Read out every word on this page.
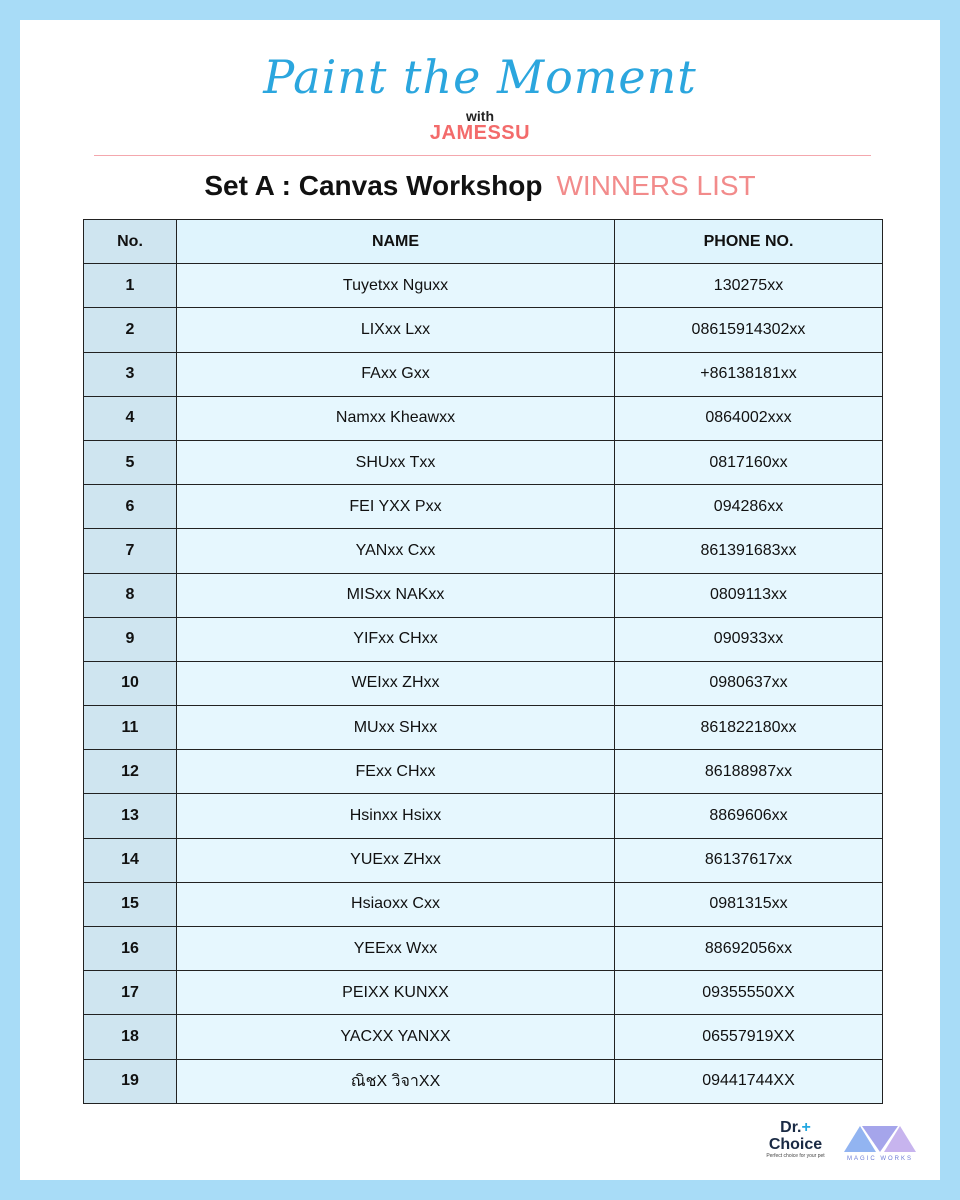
Paint the Moment
with
JAMESSU
Set A : Canvas Workshop WINNERS LIST
No.	NAME	PHONE NO.
1	Tuyetxx Nguxx	130275xx
2	LIXxx Lxx	08615914302xx
3	FAxx Gxx	+86138181xx
4	Namxx Kheawxx	0864002xxx
5	SHUxx Txx	0817160xx
6	FEI YXX Pxx	094286xx
7	YANxx Cxx	861391683xx
8	MISxx NAKxx	0809113xx
9	YIFxx CHxx	090933xx
10	WEIxx ZHxx	0980637xx
11	MUxx SHxx	861822180xx
12	FExx CHxx	86188987xx
13	Hsinxx Hsixx	8869606xx
14	YUExx ZHxx	86137617xx
15	Hsiaoxx Cxx	0981315xx
16	YEExx Wxx	88692056xx
17	PEIXX KUNXX	09355550XX
18	YACXX YANXX	06557919XX
19	ณิชX วิจาXX	09441744XX
Dr.+
Choice
Perfect choice for your pet	MAGIC WORKS
